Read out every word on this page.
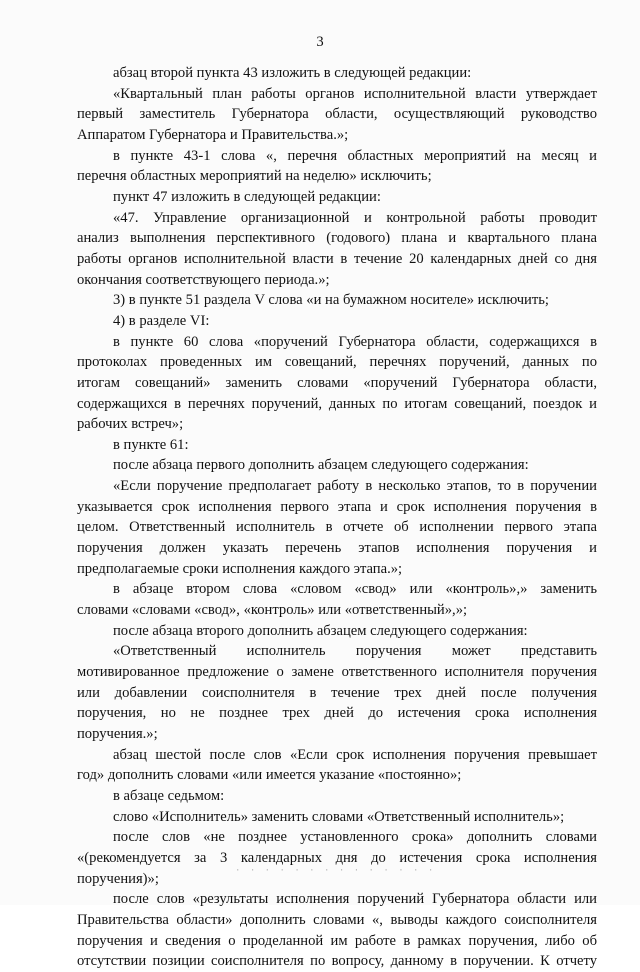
3
абзац второй пункта 43 изложить в следующей редакции:
«Квартальный план работы органов исполнительной власти утверждает
первый заместитель Губернатора области, осуществляющий руководство
Аппаратом Губернатора и Правительства.»;
в пункте 43-1 слова «, перечня областных мероприятий на месяц и
перечня областных мероприятий на неделю» исключить;
пункт 47 изложить в следующей редакции:
«47. Управление организационной и контрольной работы проводит
анализ выполнения перспективного (годового) плана и квартального плана
работы органов исполнительной власти в течение 20 календарных дней со дня
окончания соответствующего периода.»;
3) в пункте 51 раздела V слова «и на бумажном носителе» исключить;
4) в разделе VI:
в пункте 60 слова «поручений Губернатора области, содержащихся в
протоколах проведенных им совещаний, перечнях поручений, данных по
итогам совещаний» заменить словами «поручений Губернатора области,
содержащихся в перечнях поручений, данных по итогам совещаний, поездок и
рабочих встреч»;
в пункте 61:
после абзаца первого дополнить абзацем следующего содержания:
«Если поручение предполагает работу в несколько этапов, то в поручении
указывается срок исполнения первого этапа и срок исполнения поручения в
целом. Ответственный исполнитель в отчете об исполнении первого этапа
поручения должен указать перечень этапов исполнения поручения и
предполагаемые сроки исполнения каждого этапа.»;
в абзаце втором слова «словом «свод» или «контроль»,» заменить
словами «словами «свод», «контроль» или «ответственный»,»;
после абзаца второго дополнить абзацем следующего содержания:
«Ответственный исполнитель поручения может представить
мотивированное предложение о замене ответственного исполнителя поручения
или добавлении соисполнителя в течение трех дней после получения
поручения, но не позднее трех дней до истечения срока исполнения
поручения.»;
абзац шестой после слов «Если срок исполнения поручения превышает
год» дополнить словами «или имеется указание «постоянно»;
в абзаце седьмом:
слово «Исполнитель» заменить словами «Ответственный исполнитель»;
после слов «не позднее установленного срока» дополнить словами
«(рекомендуется за 3 календарных дня до истечения срока исполнения
поручения)»;
после слов «результаты исполнения поручений Губернатора области или
Правительства области» дополнить словами «, выводы каждого соисполнителя
поручения и сведения о проделанной им работе в рамках поручения, либо об
отсутствии позиции соисполнителя по вопросу, данному в поручении. К отчету
· · · · · · · · · · · · · ·
